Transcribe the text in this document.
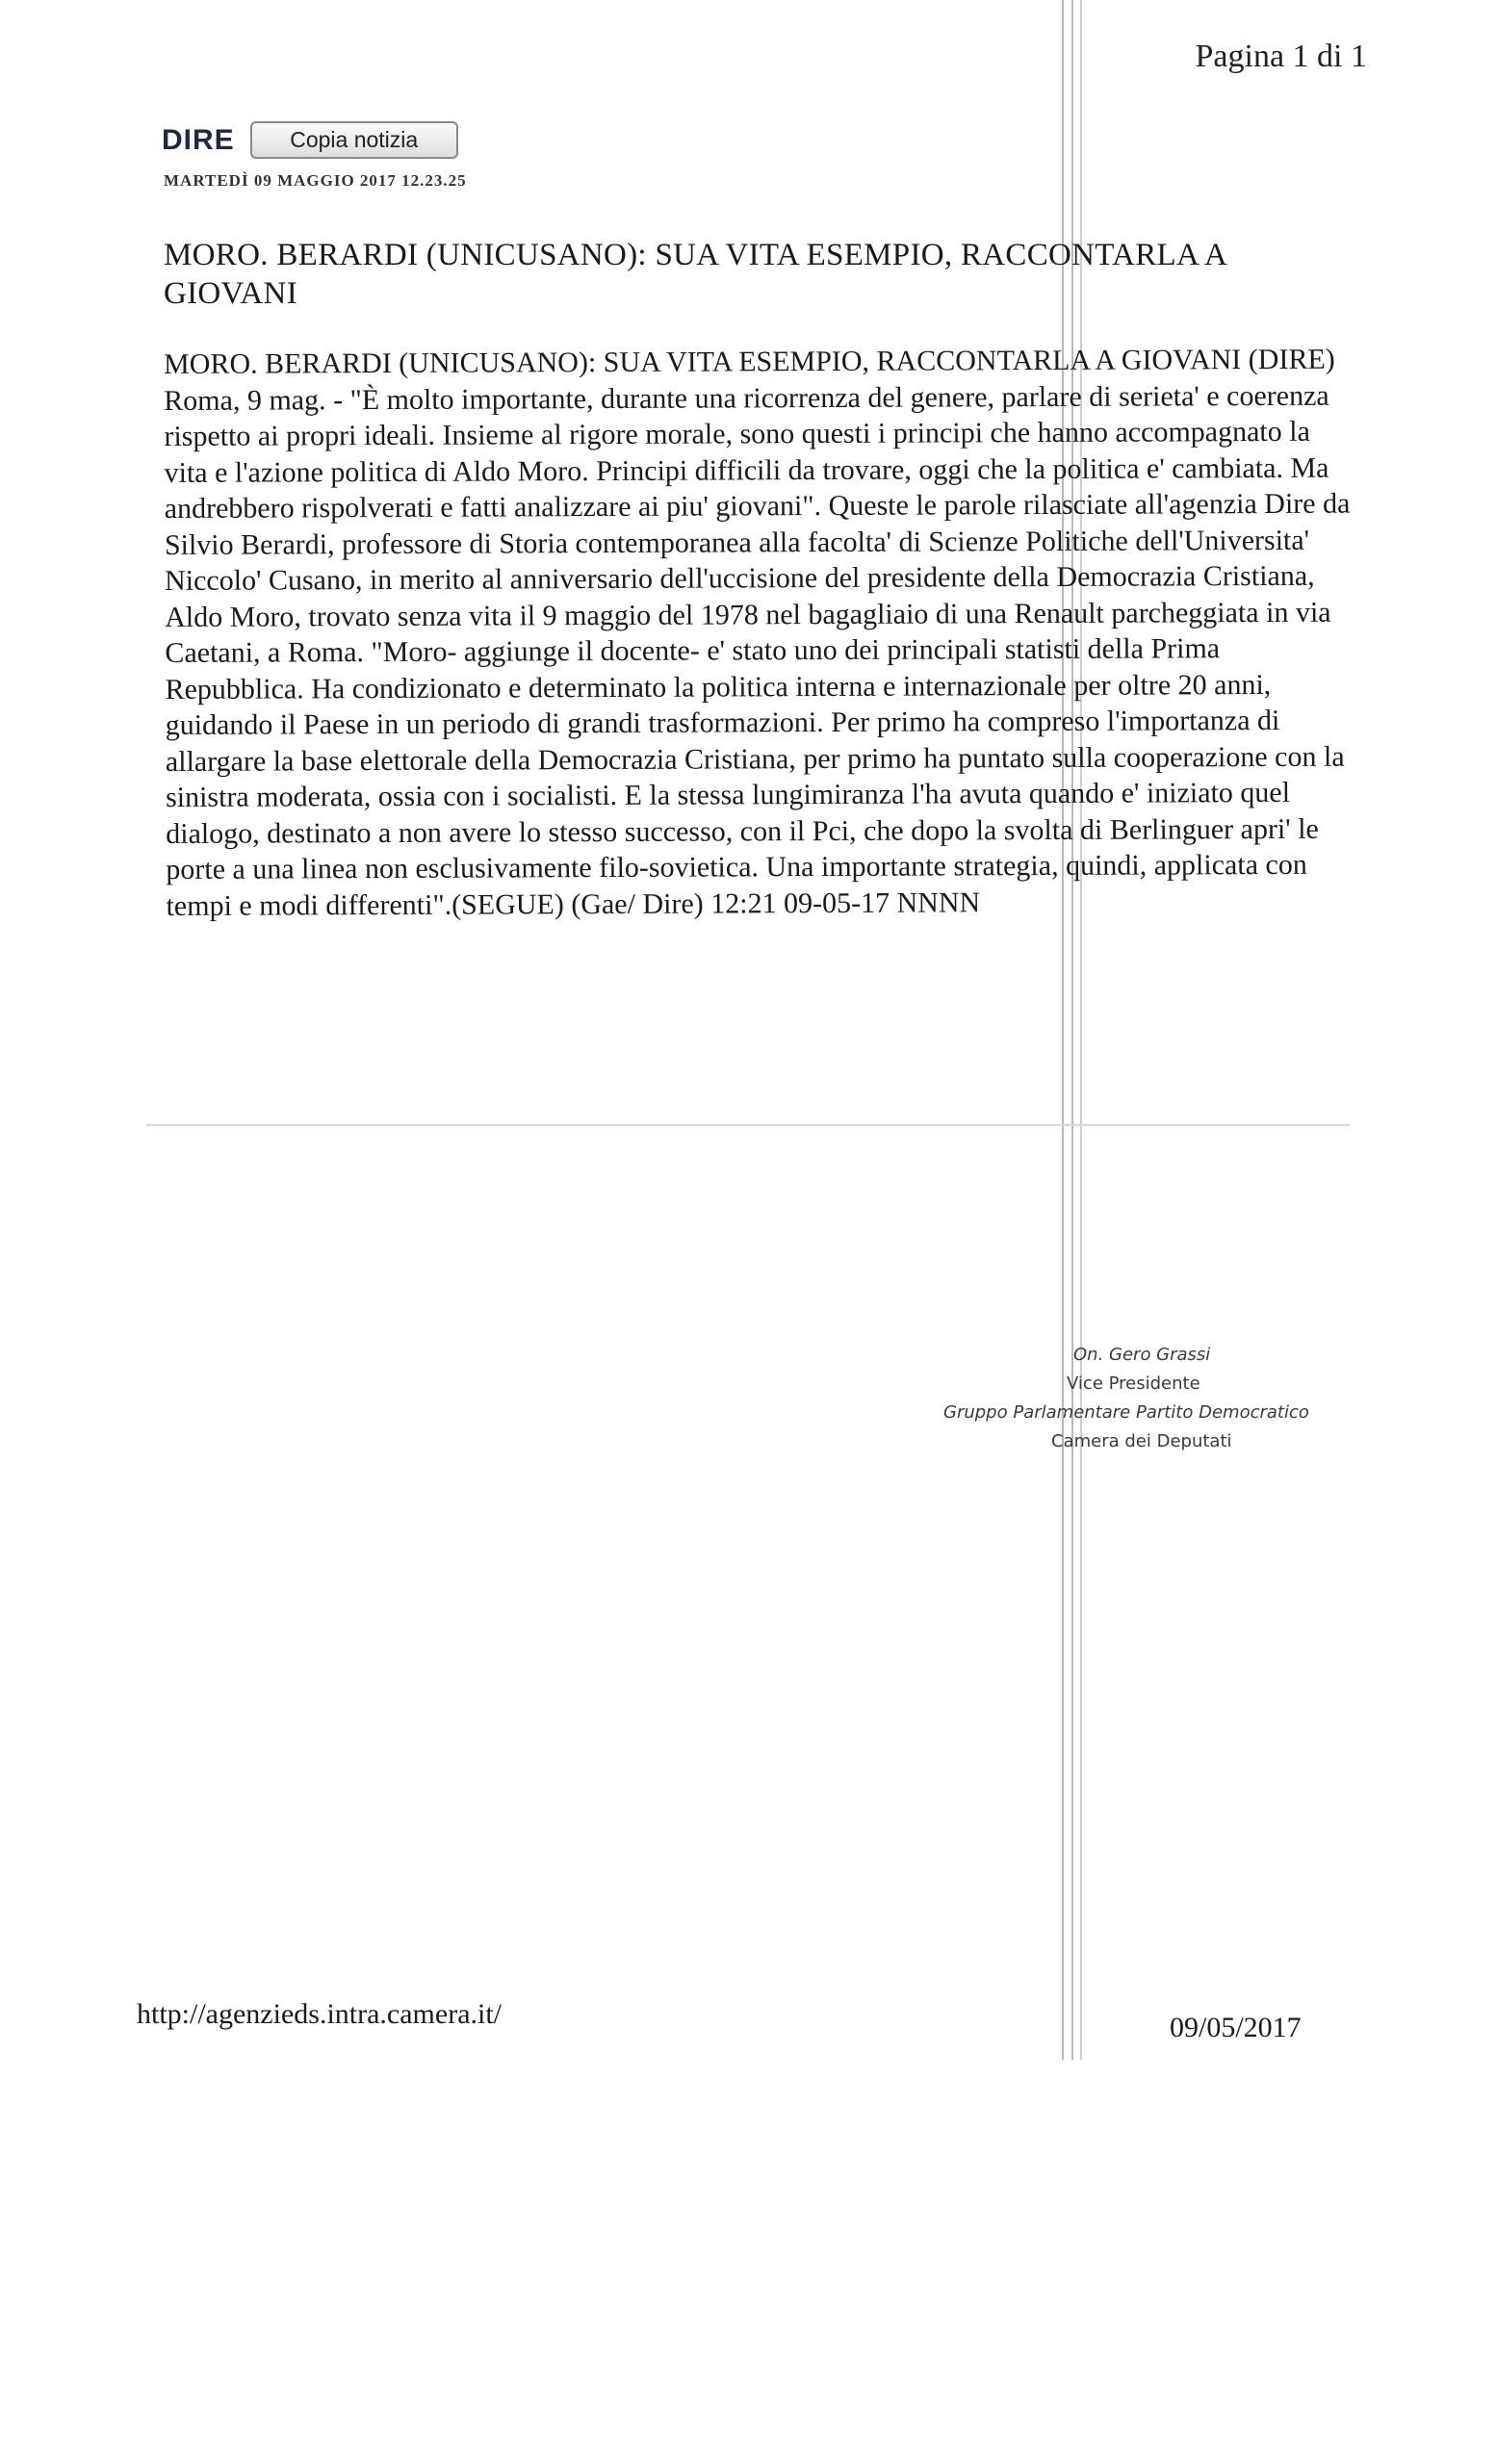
Pagina 1 di 1
DIRE	Copia notizia
MARTEDÌ 09 MAGGIO 2017 12.23.25
MORO. BERARDI (UNICUSANO): SUA VITA ESEMPIO, RACCONTARLA A GIOVANI

MORO. BERARDI (UNICUSANO): SUA VITA ESEMPIO, RACCONTARLA A GIOVANI (DIRE) Roma, 9 mag. - "È molto importante, durante una ricorrenza del genere, parlare di serieta' e coerenza rispetto ai propri ideali. Insieme al rigore morale, sono questi i principi che hanno accompagnato la vita e l'azione politica di Aldo Moro. Principi difficili da trovare, oggi che la politica e' cambiata. Ma andrebbero rispolverati e fatti analizzare ai piu' giovani". Queste le parole rilasciate all'agenzia Dire da Silvio Berardi, professore di Storia contemporanea alla facolta' di Scienze Politiche dell'Universita' Niccolo' Cusano, in merito al anniversario dell'uccisione del presidente della Democrazia Cristiana, Aldo Moro, trovato senza vita il 9 maggio del 1978 nel bagagliaio di una Renault parcheggiata in via Caetani, a Roma. "Moro- aggiunge il docente- e' stato uno dei principali statisti della Prima Repubblica. Ha condizionato e determinato la politica interna e internazionale per oltre 20 anni, guidando il Paese in un periodo di grandi trasformazioni. Per primo ha compreso l'importanza di allargare la base elettorale della Democrazia Cristiana, per primo ha puntato sulla cooperazione con la sinistra moderata, ossia con i socialisti. E la stessa lungimiranza l'ha avuta quando e' iniziato quel dialogo, destinato a non avere lo stesso successo, con il Pci, che dopo la svolta di Berlinguer apri' le porte a una linea non esclusivamente filo-sovietica. Una importante strategia, quindi, applicata con tempi e modi differenti".(SEGUE) (Gae/ Dire) 12:21 09-05-17 NNNN

On. Gero Grassi
Vice Presidente
Gruppo Parlamentare Partito Democratico
Camera dei Deputati
http://agenzieds.intra.camera.it/	09/05/2017
